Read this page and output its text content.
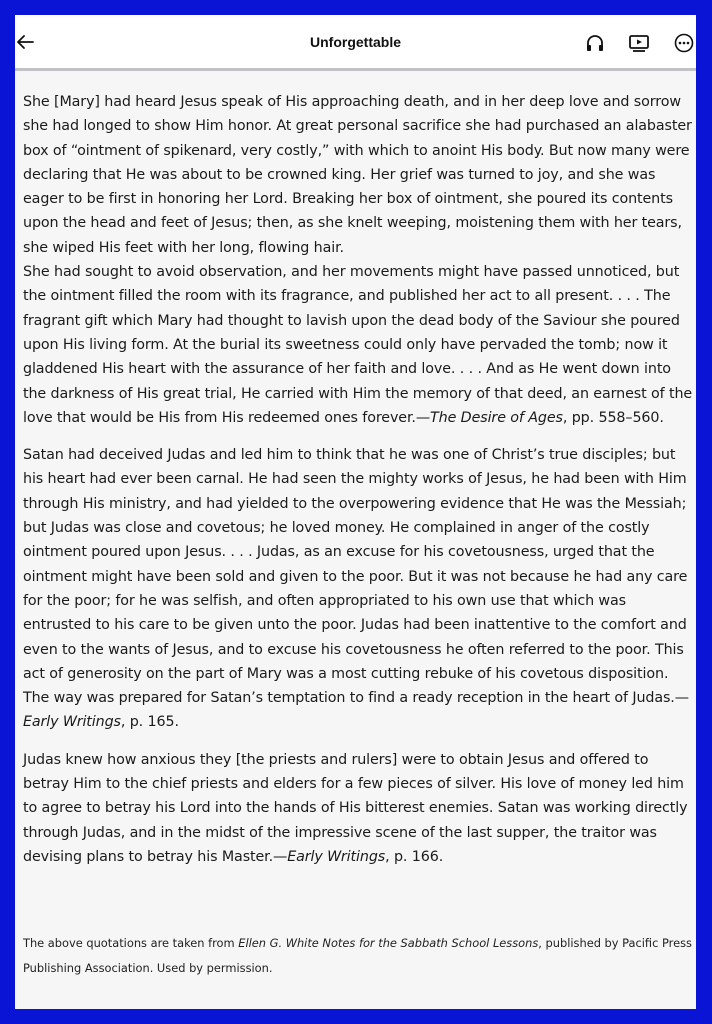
Unforgettable

She [Mary] had heard Jesus speak of His approaching death, and in her deep love and sorrow she had longed to show Him honor. At great personal sacrifice she had purchased an alabaster box of “ointment of spikenard, very costly,” with which to anoint His body. But now many were declaring that He was about to be crowned king. Her grief was turned to joy, and she was eager to be first in honoring her Lord. Breaking her box of ointment, she poured its contents upon the head and feet of Jesus; then, as she knelt weeping, moistening them with her tears, she wiped His feet with her long, flowing hair.

She had sought to avoid observation, and her movements might have passed unnoticed, but the ointment filled the room with its fragrance, and published her act to all present. . . . The fragrant gift which Mary had thought to lavish upon the dead body of the Saviour she poured upon His living form. At the burial its sweetness could only have pervaded the tomb; now it gladdened His heart with the assurance of her faith and love. . . . And as He went down into the darkness of His great trial, He carried with Him the memory of that deed, an earnest of the love that would be His from His redeemed ones forever.—The Desire of Ages, pp. 558–560.

Satan had deceived Judas and led him to think that he was one of Christ’s true disciples; but his heart had ever been carnal. He had seen the mighty works of Jesus, he had been with Him through His ministry, and had yielded to the overpowering evidence that He was the Messiah; but Judas was close and covetous; he loved money. He complained in anger of the costly ointment poured upon Jesus. . . . Judas, as an excuse for his covetousness, urged that the ointment might have been sold and given to the poor. But it was not because he had any care for the poor; for he was selfish, and often appropriated to his own use that which was entrusted to his care to be given unto the poor. Judas had been inattentive to the comfort and even to the wants of Jesus, and to excuse his covetousness he often referred to the poor. This act of generosity on the part of Mary was a most cutting rebuke of his covetous disposition. The way was prepared for Satan’s temptation to find a ready reception in the heart of Judas.—Early Writings, p. 165.

Judas knew how anxious they [the priests and rulers] were to obtain Jesus and offered to betray Him to the chief priests and elders for a few pieces of silver. His love of money led him to agree to betray his Lord into the hands of His bitterest enemies. Satan was working directly through Judas, and in the midst of the impressive scene of the last supper, the traitor was devising plans to betray his Master.—Early Writings, p. 166.

The above quotations are taken from Ellen G. White Notes for the Sabbath School Lessons, published by Pacific Press Publishing Association. Used by permission.
